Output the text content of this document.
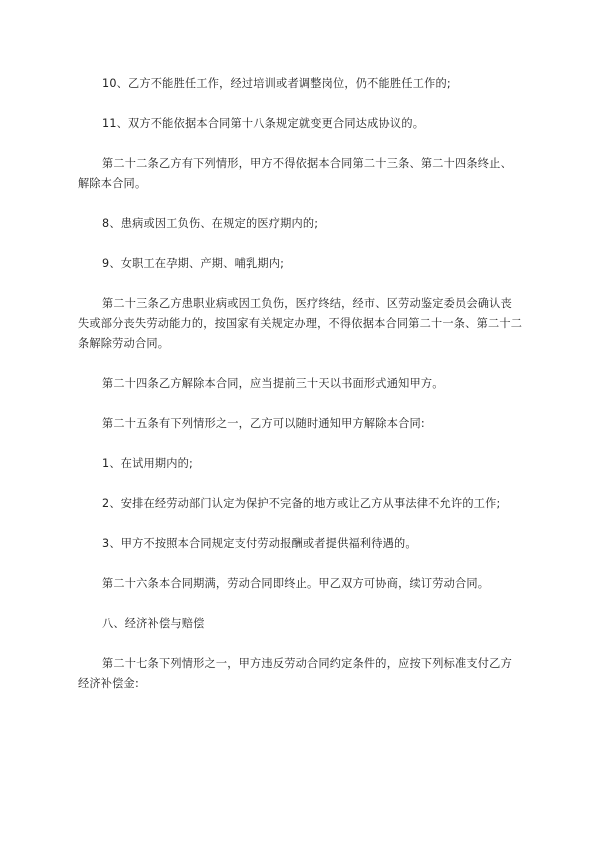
10、乙方不能胜任工作，经过培训或者调整岗位，仍不能胜任工作的;

11、双方不能依据本合同第十八条规定就变更合同达成协议的。

第二十二条乙方有下列情形，甲方不得依据本合同第二十三条、第二十四条终止、解除本合同。

8、患病或因工负伤、在规定的医疗期内的;

9、女职工在孕期、产期、哺乳期内;

第二十三条乙方患职业病或因工负伤，医疗终结，经市、区劳动鉴定委员会确认丧失或部分丧失劳动能力的，按国家有关规定办理，不得依据本合同第二十一条、第二十二条解除劳动合同。

第二十四条乙方解除本合同，应当提前三十天以书面形式通知甲方。

第二十五条有下列情形之一，乙方可以随时通知甲方解除本合同:

1、在试用期内的;

2、安排在经劳动部门认定为保护不完备的地方或让乙方从事法律不允许的工作;

3、甲方不按照本合同规定支付劳动报酬或者提供福利待遇的。

第二十六条本合同期满，劳动合同即终止。甲乙双方可协商，续订劳动合同。

八、经济补偿与赔偿

第二十七条下列情形之一，甲方违反劳动合同约定条件的，应按下列标准支付乙方经济补偿金:
